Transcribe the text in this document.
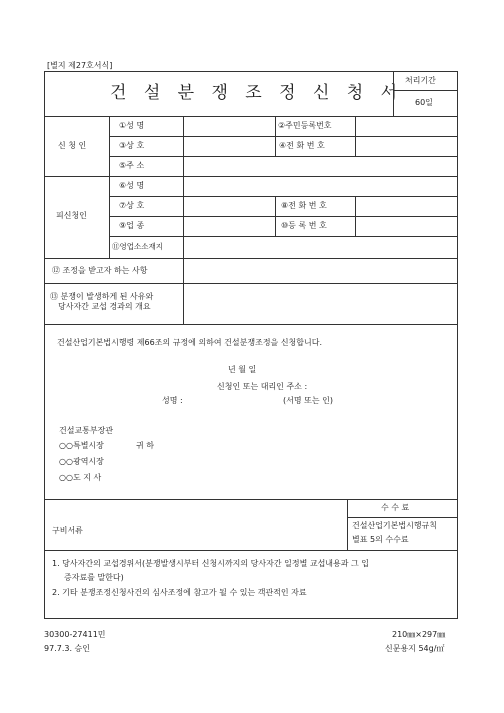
[별지 제27호서식]
건 설 분 쟁 조 정 신 청 서
처리기간
60일
신 청 인
①성 명	②주민등록번호
③상 호	④전 화 번 호
⑤주 소
피신청인
⑥성 명
⑦상 호	⑧전 화 번 호
⑨업 종	⑩등 록 번 호
⑪영업소소재지
⑫ 조정을 받고자 하는 사항
⑬ 분쟁이 발생하게 된 사유와
당사자간 교섭 경과의 개요
건설산업기본법시행령 제66조의 규정에 의하여 건설분쟁조정을 신청합니다.
년 월 일
신청인 또는 대리인 주소 :
성명 :	(서명 또는 인)
건설교통부장관
○○특별시장	귀 하
○○광역시장
○○도 지 사
수 수 료
건설산업기본법시행규칙
별표 5의 수수료
구비서류
1. 당사자간의 교섭경위서(분쟁발생시부터 신청시까지의 당사자간 일정별 교섭내용과 그 입
증자료를 말한다)
2. 기타 분쟁조정신청사건의 심사조정에 참고가 될 수 있는 객관적인 자료
30300-27411민
97.7.3. 승인
210㎜×297㎜
신문용지 54g/㎡
